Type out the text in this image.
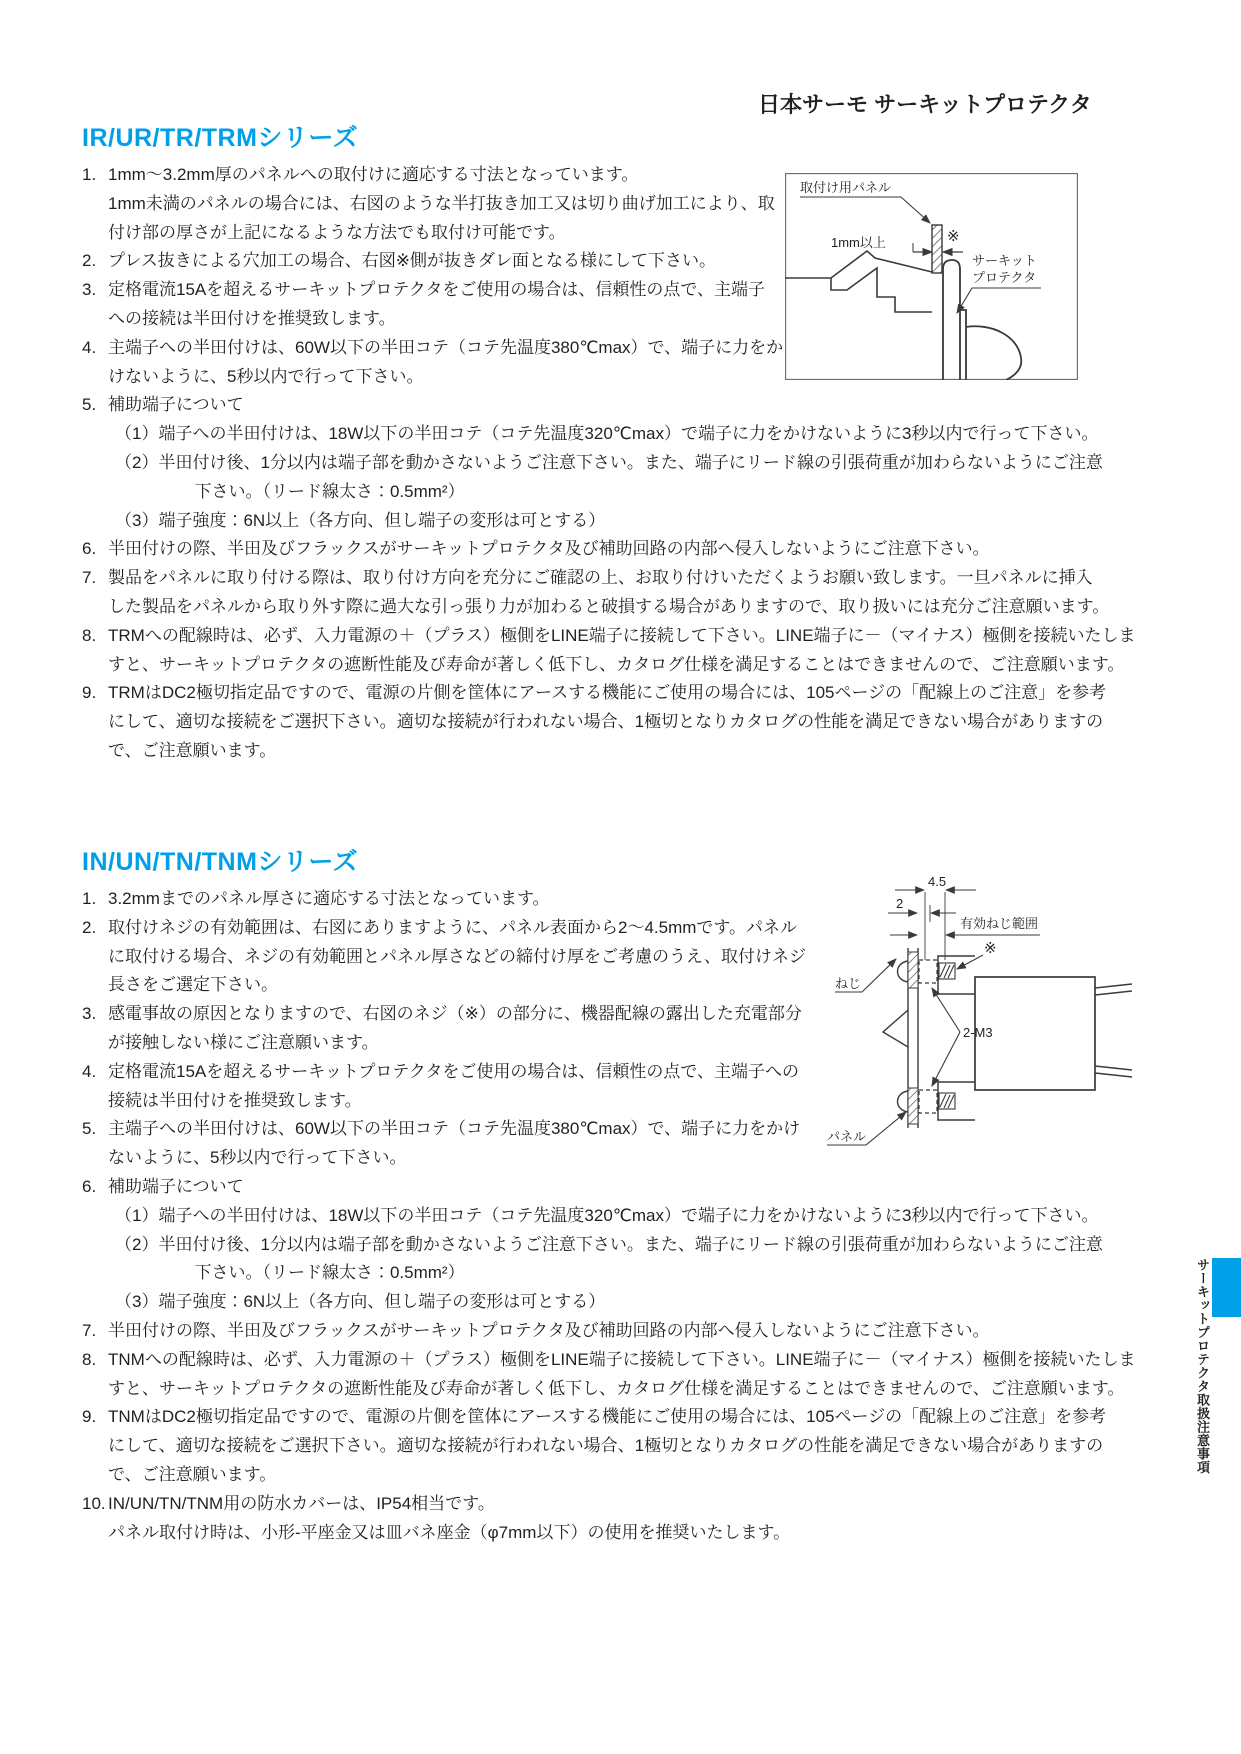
日本サーモ サーキットプロテクタ
IR/UR/TR/TRMシリーズ
1. 1mm～3.2mm厚のパネルへの取付けに適応する寸法となっています。
1mm未満のパネルの場合には、右図のような半打抜き加工又は切り曲げ加工により、取
付け部の厚さが上記になるような方法でも取付け可能です。
2. プレス抜きによる穴加工の場合、右図※側が抜きダレ面となる様にして下さい。
3. 定格電流15Aを超えるサーキットプロテクタをご使用の場合は、信頼性の点で、主端子
への接続は半田付けを推奨致します。
4. 主端子への半田付けは、60W以下の半田コテ（コテ先温度380℃max）で、端子に力をか
けないように、5秒以内で行って下さい。
5. 補助端子について
（1） 端子への半田付けは、18W以下の半田コテ（コテ先温度320℃max）で端子に力をかけないように3秒以内で行って下さい。
（2） 半田付け後、1分以内は端子部を動かさないようご注意下さい。また、端子にリード線の引張荷重が加わらないようにご注意
下さい。（リード線太さ：0.5mm²）
（3） 端子強度：6N以上（各方向、但し端子の変形は可とする）
6. 半田付けの際、半田及びフラックスがサーキットプロテクタ及び補助回路の内部へ侵入しないようにご注意下さい。
7. 製品をパネルに取り付ける際は、取り付け方向を充分にご確認の上、お取り付けいただくようお願い致します。一旦パネルに挿入
した製品をパネルから取り外す際に過大な引っ張り力が加わると破損する場合がありますので、取り扱いには充分ご注意願います。
8. TRMへの配線時は、必ず、入力電源の＋（プラス）極側をLINE端子に接続して下さい。LINE端子に－（マイナス）極側を接続いたしま
すと、サーキットプロテクタの遮断性能及び寿命が著しく低下し、カタログ仕様を満足することはできませんので、ご注意願います。
9. TRMはDC2極切指定品ですので、電源の片側を筐体にアースする機能にご使用の場合には、105ページの「配線上のご注意」を参考
にして、適切な接続をご選択下さい。適切な接続が行われない場合、1極切となりカタログの性能を満足できない場合がありますの
で、ご注意願います。
IN/UN/TN/TNMシリーズ
1. 3.2mmまでのパネル厚さに適応する寸法となっています。
2. 取付けネジの有効範囲は、右図にありますように、パネル表面から2～4.5mmです。パネル
に取付ける場合、ネジの有効範囲とパネル厚さなどの締付け厚をご考慮のうえ、取付けネジ
長さをご選定下さい。
3. 感電事故の原因となりますので、右図のネジ（※）の部分に、機器配線の露出した充電部分
が接触しない様にご注意願います。
4. 定格電流15Aを超えるサーキットプロテクタをご使用の場合は、信頼性の点で、主端子への
接続は半田付けを推奨致します。
5. 主端子への半田付けは、60W以下の半田コテ（コテ先温度380℃max）で、端子に力をかけ
ないように、5秒以内で行って下さい。
6. 補助端子について
（1） 端子への半田付けは、18W以下の半田コテ（コテ先温度320℃max）で端子に力をかけないように3秒以内で行って下さい。
（2） 半田付け後、1分以内は端子部を動かさないようご注意下さい。また、端子にリード線の引張荷重が加わらないようにご注意
下さい。（リード線太さ：0.5mm²）
（3） 端子強度：6N以上（各方向、但し端子の変形は可とする）
7. 半田付けの際、半田及びフラックスがサーキットプロテクタ及び補助回路の内部へ侵入しないようにご注意下さい。
8. TNMへの配線時は、必ず、入力電源の＋（プラス）極側をLINE端子に接続して下さい。LINE端子に－（マイナス）極側を接続いたしま
すと、サーキットプロテクタの遮断性能及び寿命が著しく低下し、カタログ仕様を満足することはできませんので、ご注意願います。
9. TNMはDC2極切指定品ですので、電源の片側を筐体にアースする機能にご使用の場合には、105ページの「配線上のご注意」を参考
にして、適切な接続をご選択下さい。適切な接続が行われない場合、1極切となりカタログの性能を満足できない場合がありますの
で、ご注意願います。
10. IN/UN/TN/TNM用の防水カバーは、IP54相当です。
パネル取付け時は、小形-平座金又は皿バネ座金（φ7mm以下）の使用を推奨いたします。
1mm以上	※
取付け用パネル
サーキット
プロテクタ
4.5
2
有効ねじ範囲
※
ねじ
2-M3
パネル
サーキットプロテクタ取扱注意事項
